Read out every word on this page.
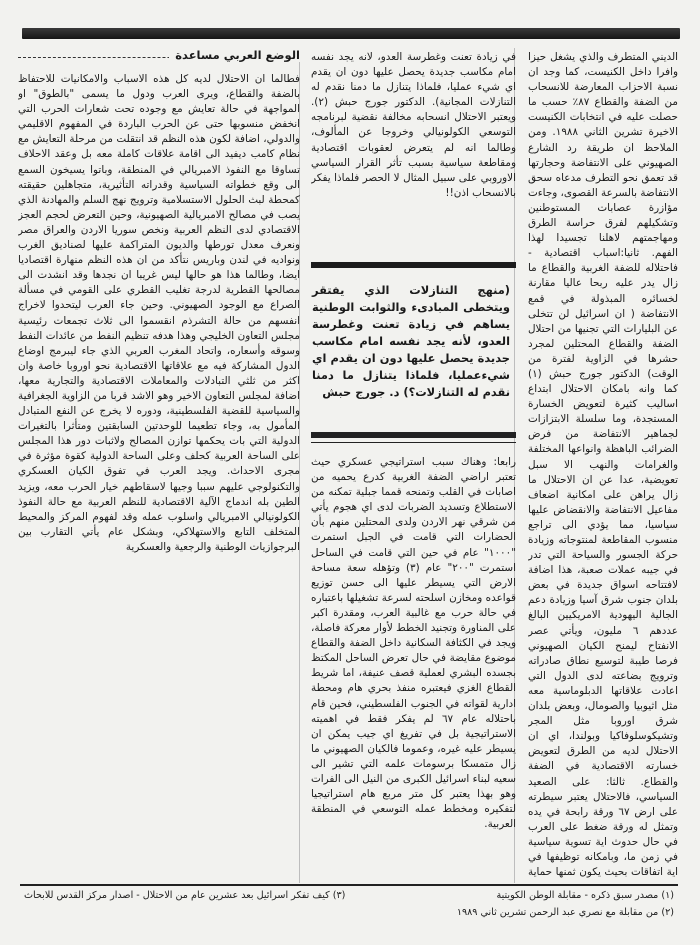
الديني المتطرف والذي يشغل حيزا وافرا داخل الكنيست، كما وجد ان نسبة الاحزاب المعارضة للانسحاب من الضفة والقطاع ٨٧٪ حسب ما حصلت عليه في انتخابات الكنيست الاخيرة تشرين الثاني ١٩٨٨. ومن الملاحظ ان طريقة رد الشارع الصهيوني على الانتفاضة وحجارتها قد تعمق نحو التطرف مدعاه سحق الانتفاضة بالسرعة القصوى، وجاءت مؤازرة عصابات المستوطنين وتشكيلهم لفرق حراسة الطرق ومهاجمتهم لاهلنا تجسيدا لهذا الفهم. ثانيا:اسباب اقتصادية - فاحتلاله للضفة الغربية والقطاع ما زال يدر عليه ربحا عاليا مقارنة لخسائره المبذولة في قمع الانتفاضة ( ان اسرائيل لن تتخلى عن البليارات التي تجنيها من احتلال الضفة والقطاع المحتلين لمجرد حشرها في الزاوية لفترة من الوقت) الدكتور جورج حبش (١) كما وانه بامكان الاحتلال ابتداع اساليب كثيرة لتعويض الخسارة المستجدة، وما سلسلة الابتزازات لجماهير الانتفاضة من فرض الضرائب الباهظة وانواعها المختلفة والغرامات والنهب الا سبل تعويضية، عدا عن ان الاحتلال ما زال يراهن على امكانية اضعاف مفاعيل الانتفاضة والانقضاض عليها سياسيا، مما يؤدي الى تراجع منسوب المقاطعة لمنتوجاته وزيادة حركة الجسور والسياحة التي تدر في جيبه عملات صعبة، هذا اضافة لافتتاحه اسواق جديدة في بعض بلدان جنوب شرق آسيا وزيادة دعم الجالية اليهودية الامريكيين البالغ عددهم ٦ مليون، ويأتي عصر الانفتاح ليمنح الكيان الصهيوني فرصا طيبة لتوسيع نطاق صادراته وترويج بضاعته لدى الدول التي اعادت علاقاتها الدبلوماسية معه مثل اثيوبيا والصومال، وبعض بلدان شرق اوروبا مثل المجر وتشيكوسلوفاكيا وبولندا، اي ان الاحتلال لديه من الطرق لتعويض خسارته الاقتصادية في الضفة والقطاع. ثالثا: على الصعيد السياسي، فالاحتلال يعتبر سيطرته على ارض ٦٧ ورقة رابحة في يده وتمثل له ورقة ضغط على العرب في حال حدوث اية تسوية سياسية في زمن ما، وبامكانه توظيفها في اية اتفاقات بحيث يكون ثمنها حماية

في زيادة تعنت وغطرسة العدو، لانه يجد نفسه امام مكاسب جديدة يحصل عليها دون ان يقدم اي شيء عمليا، فلماذا يتنازل ما دمنا نقدم له التنازلات المجانية). الدكتور جورج حبش (٢). ويعتبر الاحتلال انسحابه مخالفة نقضية لبرنامجه التوسعي الكولونيالي وخروجا عن المألوف، وطالما انه لم يتعرض لعقوبات اقتصادية ومقاطعة سياسية بسبب تأثر القرار السياسي الاوروبي على سبيل المثال لا الحصر فلماذا يفكر بالانسحاب اذن!!

(منهج التنازلات الذي يفتقر ويتخطى المبادىء والثوابت الوطنية يساهم في زيادة تعنت وغطرسة العدو، لأنه يجد نفسه امام مكاسب جديدة يحصل عليها دون ان يقدم اي شيءعمليا، فلماذا يتنازل ما دمنا نقدم له التنازلات؟) د. جورج حبش

رابعا: وهناك سبب استراتيجي عسكري حيث تعتبر اراضي الضفة الغربية كدرع يحميه من اصابات في القلب وتمنحه قمما جبلية تمكنه من الاستطلاع وتسديد الضربات لدى اي هجوم يأتي من شرقي نهر الاردن ولدى المحتلين منهم بأن الحضارات التي قامت في الجبل استمرت "١٠٠٠" عام في حين التي قامت في الساحل استمرت "٢٠٠" عام (٣) وتؤهله سعة مساحة الارض التي يسيطر عليها الى حسن توزيع قواعده ومخازن اسلحته لسرعة تشغيلها باعتباره في حالة حرب مع غالبية العرب، ومقدرة اكبر على المناورة وتجنيد الخطط لأوار معركة فاصلة، ويجد في الكثافة السكانية داخل الضفة والقطاع موضوع مقايضة في حال تعرض الساحل المكتظ بجسده البشري لعملية قصف عنيفة، اما شريط القطاع الغزي فيعتبره منفذ بحري هام ومحطة ادارية لقواته في الجنوب الفلسطيني، فحين قام باحتلاله عام ٦٧ لم يفكر فقط في اهميته الاستراتيجية بل في تفريغ اي جيب يمكن ان يسيطر عليه غيره، وعموما فالكيان الصهيوني ما زال متمسكا برسومات علمه التي تشير الى سعيه لبناء اسرائيل الكبرى من النيل الى الفرات وهو بهذا يعتبر كل متر مربع هام استراتيجيا لتفكيره ومخطط عمله التوسعي في المنطقة العربية.

الوضع العربي مساعدة

فطالما ان الاحتلال لديه كل هذه الاسباب والامكانيات للاحتفاظ بالضفة والقطاع، ويرى العرب ودول ما يسمى "بالطوق" او المواجهة في حالة تعايش مع وجوده تحت شعارات الحرب التي انخفض منسوبها حتى عن الحرب الباردة في المفهوم الاقليمي والدولي، اضافة لكون هذه النظم قد انتقلت من مرحلة التعايش مع نظام كامب ديفيد الى اقامة علاقات كاملة معه بل وعقد الاحلاف تساوقا مع النفوذ الامبريالي في المنطقة، وباتوا يسيخون السمع الى وقع خطواته السياسية وقدراته التأثيرية، متجاهلين حقيقته كمحطة لبث الحلول الاستسلامية وترويج نهج السلم والمهادنة الذي يصب في مصالح الامبريالية الصهيونية، وحين التعرض لحجم العجز الاقتصادي لدى النظم العربية ونخص سوريا الاردن والعراق مصر ونعرف معدل تورطها والديون المتراكمة عليها لصناديق الغرب ونواديه في لندن وباريس نتأكد من ان هذه النظم منهارة اقتصاديا ايضا، وطالما هذا هو حالها ليس غريبا ان نجدها وقد انشدت الى مصالحها القطرية لدرجة تغليب القطري على القومي في مسألة الصراع مع الوجود الصهيوني. وحين جاء العرب ليتحدوا لاخراج انفسهم من حالة التشرذم انقسموا الى ثلاث تجمعات رئيسية مجلس التعاون الخليجي وهذا هدفه تنظيم النفط من عائدات النفط وسوقه وأسعاره، واتحاد المغرب العربي الذي جاء ليبرمج اوضاع الدول المشاركة فيه مع علاقاتها الاقتصادية نحو اوروبا خاصة وان اكثر من ثلثي التبادلات والمعاملات الاقتصادية والتجارية معها، اضافة لمجلس التعاون الاخير وهو الاشد قربا من الزاوية الجغرافية والسياسية للقضية الفلسطينية، ودوره لا يخرج عن النفع المتبادل المأمول به، وجاء تطعيما للوحدتين السابقتين ومتأثرا بالتغيرات الدولية التي بات يحكمها توازن المصالح ولاثبات دور هذا المجلس على الساحة العربية كحلف وعلى الساحة الدولية كقوة مؤثرة في مجرى الاحداث. ويجد العرب في تفوق الكيان العسكري والتكنولوجي عليهم سببا وجيها لاسقاطهم خيار الحرب معه، ويزيد الطين بله اندماج الآلية الاقتصادية للنظم العربية مع حالة النفوذ الكولونيالي الامبريالي واسلوب عمله وقد لفهوم المركز والمحيط المتخلف التابع والاستهلاكي، وبشكل عام يأتي التقارب بين البرجوازيات الوطنية والرجعية والعسكرية

(١) مصدر سبق ذكره - مقابلة الوطن الكويتية
(٣) كيف تفكر اسرائيل بعد عشرين عام من الاحتلال - اصدار مركز القدس للابحاث
(٢) من مقابلة مع نصري عبد الرحمن تشرين ثاني ١٩٨٩
